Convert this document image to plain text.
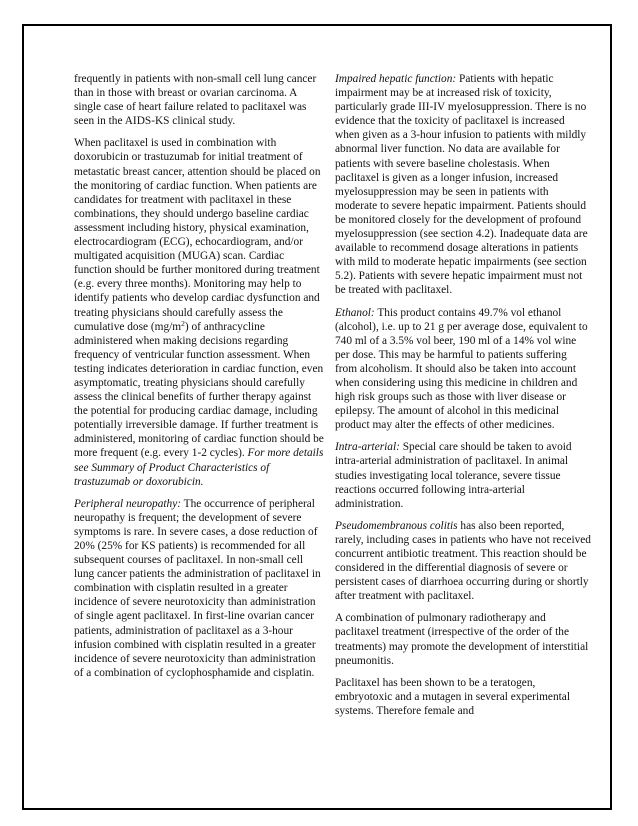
frequently in patients with non-small cell lung cancer than in those with breast or ovarian carcinoma. A single case of heart failure related to paclitaxel was seen in the AIDS-KS clinical study.

When paclitaxel is used in combination with doxorubicin or trastuzumab for initial treatment of metastatic breast cancer, attention should be placed on the monitoring of cardiac function. When patients are candidates for treatment with paclitaxel in these combinations, they should undergo baseline cardiac assessment including history, physical examination, electrocardiogram (ECG), echocardiogram, and/or multigated acquisition (MUGA) scan. Cardiac function should be further monitored during treatment (e.g. every three months). Monitoring may help to identify patients who develop cardiac dysfunction and treating physicians should carefully assess the cumulative dose $(mg/m^2)$ of anthracycline administered when making decisions regarding frequency of ventricular function assessment. When testing indicates deterioration in cardiac function, even asymptomatic, treating physicians should carefully assess the clinical benefits of further therapy against the potential for producing cardiac damage, including potentially irreversible damage. If further treatment is administered, monitoring of cardiac function should be more frequent (e.g. every 1-2 cycles). For more details see Summary of Product Characteristics of trastuzumab or doxorubicin.

Peripheral neuropathy: The occurrence of peripheral neuropathy is frequent; the development of severe symptoms is rare. In severe cases, a dose reduction of 20% (25% for KS patients) is recommended for all subsequent courses of paclitaxel. In non-small cell lung cancer patients the administration of paclitaxel in combination with cisplatin resulted in a greater incidence of severe neurotoxicity than administration of single agent paclitaxel. In first-line ovarian cancer patients, administration of paclitaxel as a 3-hour infusion combined with cisplatin resulted in a greater incidence of severe neurotoxicity than administration of a combination of cyclophosphamide and cisplatin.

Impaired hepatic function: Patients with hepatic impairment may be at increased risk of toxicity, particularly grade III-IV myelosuppression. There is no evidence that the toxicity of paclitaxel is increased when given as a 3-hour infusion to patients with mildly abnormal liver function. No data are available for patients with severe baseline cholestasis. When paclitaxel is given as a longer infusion, increased myelosuppression may be seen in patients with moderate to severe hepatic impairment. Patients should be monitored closely for the development of profound myelosuppression (see section 4.2). Inadequate data are available to recommend dosage alterations in patients with mild to moderate hepatic impairments (see section 5.2). Patients with severe hepatic impairment must not be treated with paclitaxel.

Ethanol: This product contains 49.7% vol ethanol (alcohol), i.e. up to 21 g per average dose, equivalent to 740 ml of a 3.5% vol beer, 190 ml of a 14% vol wine per dose. This may be harmful to patients suffering from alcoholism. It should also be taken into account when considering using this medicine in children and high risk groups such as those with liver disease or epilepsy. The amount of alcohol in this medicinal product may alter the effects of other medicines.

Intra-arterial: Special care should be taken to avoid intra-arterial administration of paclitaxel. In animal studies investigating local tolerance, severe tissue reactions occurred following intra-arterial administration.

Pseudomembranous colitis has also been reported, rarely, including cases in patients who have not received concurrent antibiotic treatment. This reaction should be considered in the differential diagnosis of severe or persistent cases of diarrhoea occurring during or shortly after treatment with paclitaxel.

A combination of pulmonary radiotherapy and paclitaxel treatment (irrespective of the order of the treatments) may promote the development of interstitial pneumonitis.

Paclitaxel has been shown to be a teratogen, embryotoxic and a mutagen in several experimental systems. Therefore female and
